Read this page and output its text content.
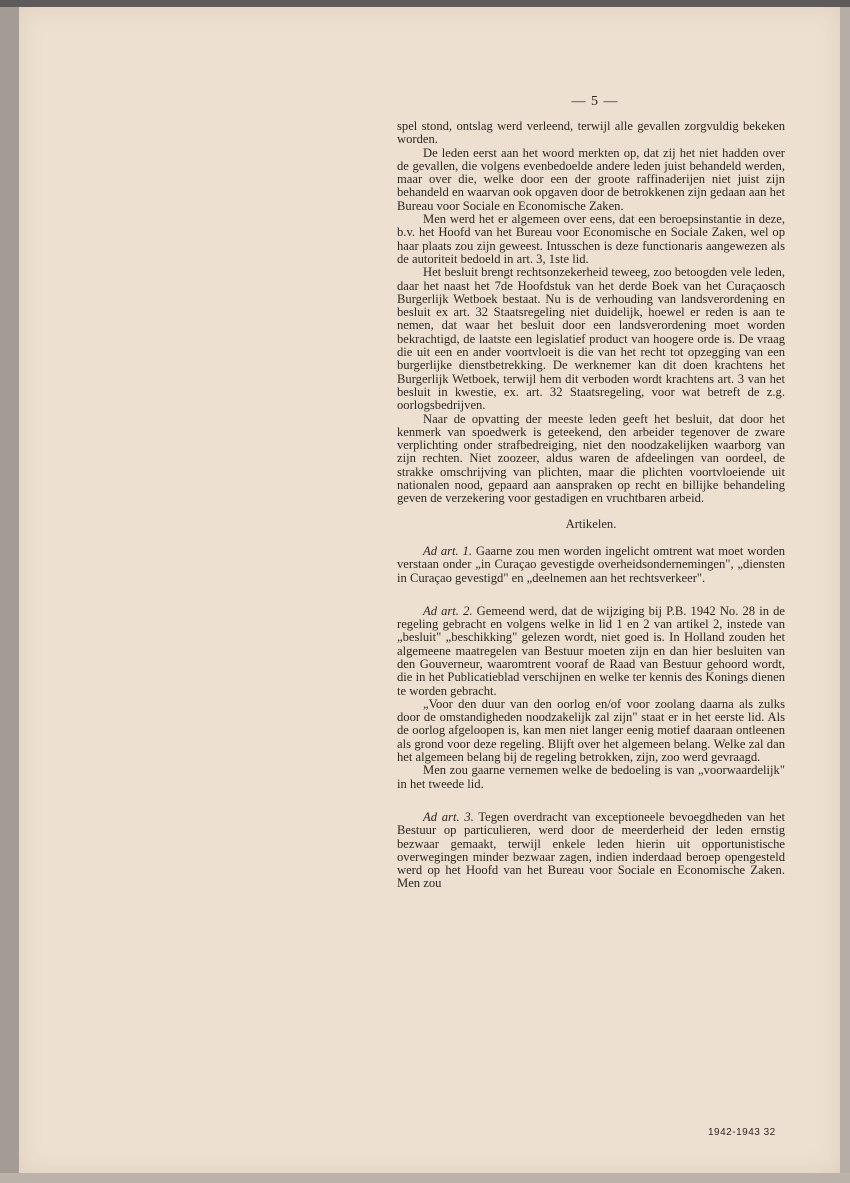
— 5 —

spel stond, ontslag werd verleend, terwijl alle gevallen zorgvuldig bekeken worden.

De leden eerst aan het woord merkten op, dat zij het niet hadden over de gevallen, die volgens evenbedoelde andere leden juist behandeld werden, maar over die, welke door een der groote raffinaderijen niet juist zijn behandeld en waarvan ook opgaven door de betrokkenen zijn gedaan aan het Bureau voor Sociale en Economische Zaken.

Men werd het er algemeen over eens, dat een beroepsinstantie in deze, b.v. het Hoofd van het Bureau voor Economische en Sociale Zaken, wel op haar plaats zou zijn geweest. Intusschen is deze functionaris aangewezen als de autoriteit bedoeld in art. 3, 1ste lid.

Het besluit brengt rechtsonzekerheid teweeg, zoo betoogden vele leden, daar het naast het 7de Hoofdstuk van het derde Boek van het Curaçaosch Burgerlijk Wetboek bestaat. Nu is de verhouding van landsverordening en besluit ex art. 32 Staatsregeling niet duidelijk, hoewel er reden is aan te nemen, dat waar het besluit door een landsverordening moet worden bekrachtigd, de laatste een legislatief product van hoogere orde is. De vraag die uit een en ander voortvloeit is die van het recht tot opzegging van een burgerlijke dienstbetrekking. De werknemer kan dit doen krachtens het Burgerlijk Wetboek, terwijl hem dit verboden wordt krachtens art. 3 van het besluit in kwestie, ex. art. 32 Staatsregeling, voor wat betreft de z.g. oorlogsbedrijven.

Naar de opvatting der meeste leden geeft het besluit, dat door het kenmerk van spoedwerk is geteekend, den arbeider tegenover de zware verplichting onder strafbedreiging, niet den noodzakelijken waarborg van zijn rechten. Niet zoozeer, aldus waren de afdeelingen van oordeel, de strakke omschrijving van plichten, maar die plichten voortvloeiende uit nationalen nood, gepaard aan aanspraken op recht en billijke behandeling geven de verzekering voor gestadigen en vruchtbaren arbeid.

Artikelen.

Ad art. 1. Gaarne zou men worden ingelicht omtrent wat moet worden verstaan onder „in Curaçao gevestigde overheidsondernemingen", „diensten in Curaçao gevestigd" en „deelnemen aan het rechtsverkeer".

Ad art. 2. Gemeend werd, dat de wijziging bij P.B. 1942 No. 28 in de regeling gebracht en volgens welke in lid 1 en 2 van artikel 2, instede van „besluit" „beschikking" gelezen wordt, niet goed is. In Holland zouden het algemeene maatregelen van Bestuur moeten zijn en dan hier besluiten van den Gouverneur, waaromtrent vooraf de Raad van Bestuur gehoord wordt, die in het Publicatieblad verschijnen en welke ter kennis des Konings dienen te worden gebracht.

„Voor den duur van den oorlog en/of voor zoolang daarna als zulks door de omstandigheden noodzakelijk zal zijn" staat er in het eerste lid. Als de oorlog afgeloopen is, kan men niet langer eenig motief daaraan ontleenen als grond voor deze regeling. Blijft over het algemeen belang. Welke zal dan het algemeen belang bij de regeling betrokken, zijn, zoo werd gevraagd.

Men zou gaarne vernemen welke de bedoeling is van „voorwaardelijk" in het tweede lid.

Ad art. 3. Tegen overdracht van exceptioneele bevoegdheden van het Bestuur op particulieren, werd door de meerderheid der leden ernstig bezwaar gemaakt, terwijl enkele leden hierin uit opportunistische overwegingen minder bezwaar zagen, indien inderdaad beroep opengesteld werd op het Hoofd van het Bureau voor Sociale en Economische Zaken. Men zou

1942-1943 32
